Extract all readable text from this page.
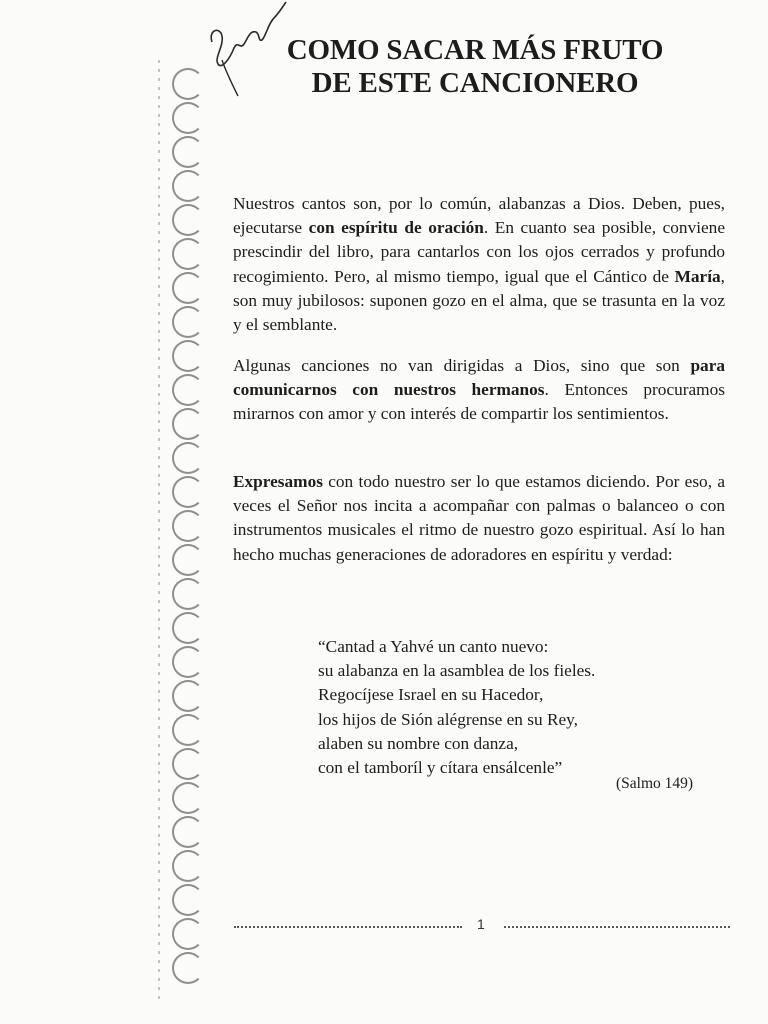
COMO SACAR MÁS FRUTO
DE ESTE CANCIONERO

Nuestros cantos son, por lo común, alabanzas a Dios. Deben, pues, ejecutarse con espíritu de oración. En cuanto sea posible, conviene prescindir del libro, para cantarlos con los ojos cerrados y profundo recogimiento. Pero, al mismo tiempo, igual que el Cántico de María, son muy jubilosos: suponen gozo en el alma, que se trasunta en la voz y el semblante.

Algunas canciones no van dirigidas a Dios, sino que son para comunicarnos con nuestros hermanos. Entonces procuramos mirarnos con amor y con interés de compartir los sentimientos.

Expresamos con todo nuestro ser lo que estamos diciendo. Por eso, a veces el Señor nos incita a acompañar con palmas o balanceo o con instrumentos musicales el ritmo de nuestro gozo espiritual. Así lo han hecho muchas generaciones de adoradores en espíritu y verdad:

“Cantad a Yahvé un canto nuevo:
su alabanza en la asamblea de los fieles.
Regocíjese Israel en su Hacedor,
los hijos de Sión alégrense en su Rey,
alaben su nombre con danza,
con el tamboríl y cítara ensálcenle”
(Salmo 149)
1
